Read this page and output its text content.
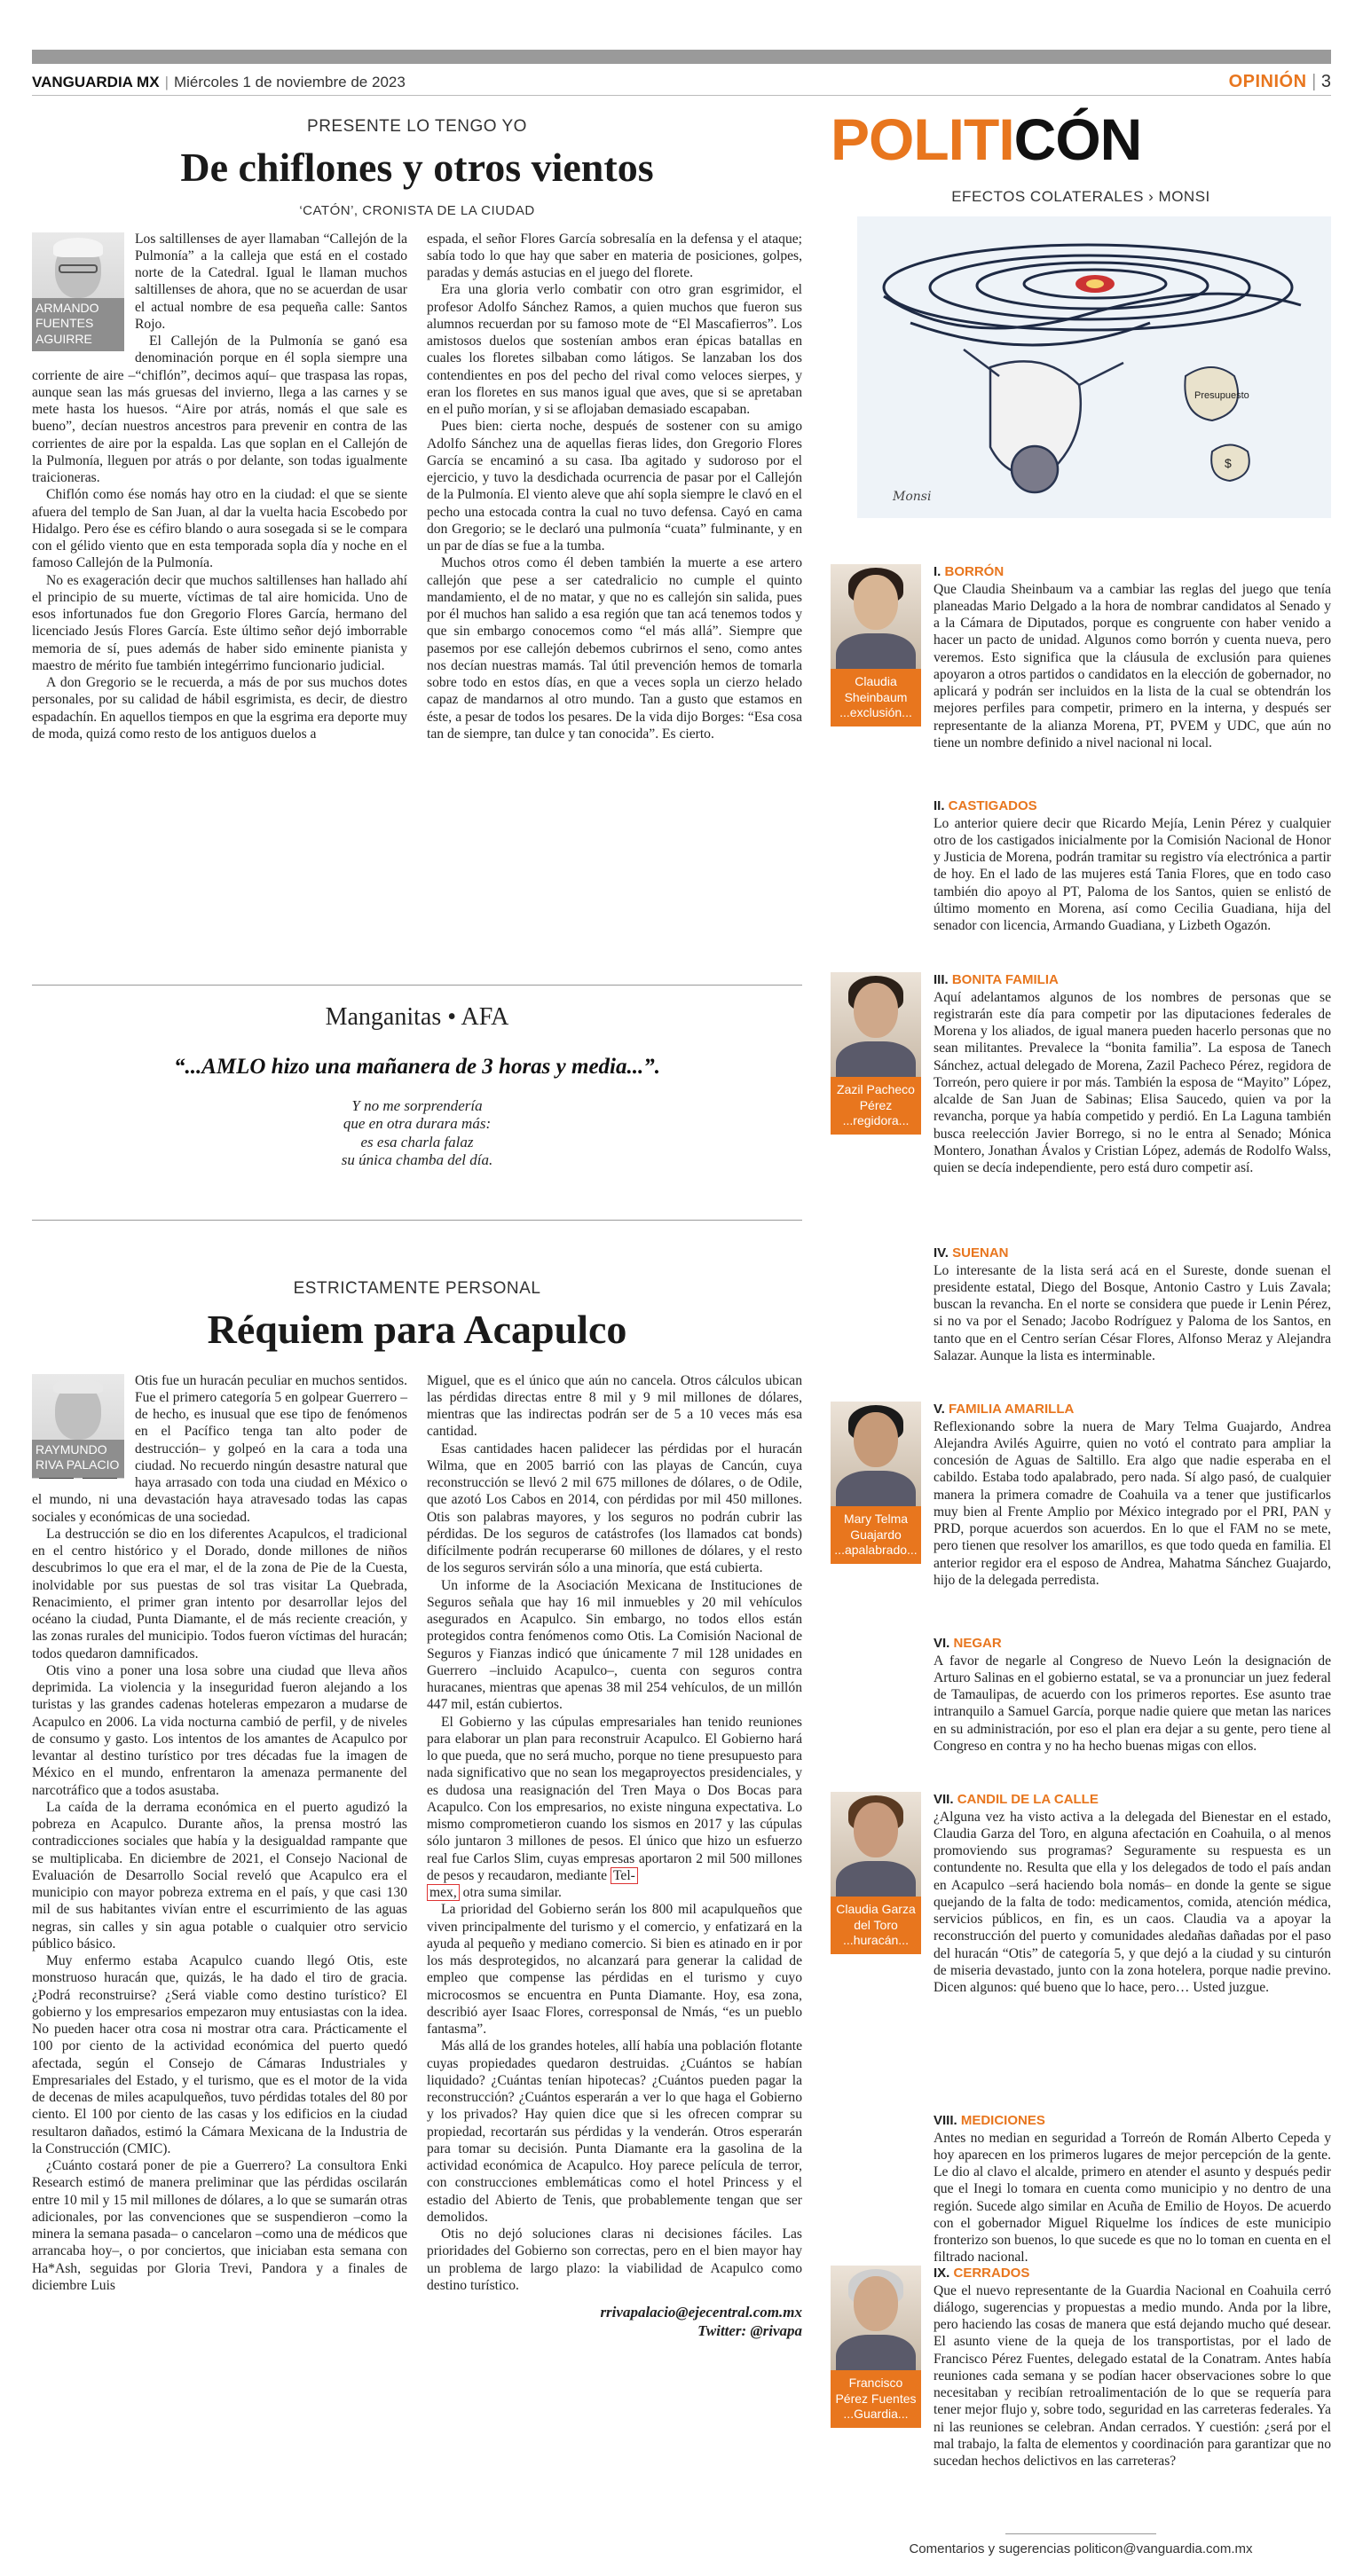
VANGUARDIA MX | Miércoles 1 de noviembre de 2023	OPINIÓN | 3
PRESENTE LO TENGO YO
De chiflones y otros vientos
‘CATÓN’, CRONISTA DE LA CIUDAD
ARMANDO FUENTES AGUIRRE

Los saltillenses de ayer llamaban “Callejón de la Pulmonía” a la calleja que está en el costado norte de la Catedral. Igual le llaman muchos saltillenses de ahora, que no se acuerdan de usar el actual nombre de esa pequeña calle: Santos Rojo.

El Callejón de la Pulmonía se ganó esa denominación porque en él sopla siempre una corriente de aire –“chiflón”, decimos aquí– que traspasa las ropas, aunque sean las más gruesas del invierno, llega a las carnes y se mete hasta los huesos. “Aire por atrás, nomás el que sale es bueno”, decían nuestros ancestros para prevenir en contra de las corrientes de aire por la espalda. Las que soplan en el Callejón de la Pulmonía, lleguen por atrás o por delante, son todas igualmente traicioneras.

Chiflón como ése nomás hay otro en la ciudad: el que se siente afuera del templo de San Juan, al dar la vuelta hacia Escobedo por Hidalgo. Pero ése es céfiro blando o aura sosegada si se le compara con el gélido viento que en esta temporada sopla día y noche en el famoso Callejón de la Pulmonía.

No es exageración decir que muchos saltillenses han hallado ahí el principio de su muerte, víctimas de tal aire homicida. Uno de esos infortunados fue don Gregorio Flores García, hermano del licenciado Jesús Flores García. Este último señor dejó imborrable memoria de sí, pues además de haber sido eminente pianista y maestro de mérito fue también integérrimo funcionario judicial.

A don Gregorio se le recuerda, a más de por sus muchos dotes personales, por su calidad de hábil esgrimista, es decir, de diestro espadachín. En aquellos tiempos en que la esgrima era deporte muy de moda, quizá como resto de los antiguos duelos a

espada, el señor Flores García sobresalía en la defensa y el ataque; sabía todo lo que hay que saber en materia de posiciones, golpes, paradas y demás astucias en el juego del florete.

Era una gloria verlo combatir con otro gran esgrimidor, el profesor Adolfo Sánchez Ramos, a quien muchos que fueron sus alumnos recuerdan por su famoso mote de “El Mascafierros”. Los amistosos duelos que sostenían ambos eran épicas batallas en cuales los floretes silbaban como látigos. Se lanzaban los dos contendientes en pos del pecho del rival como veloces sierpes, y eran los floretes en sus manos igual que aves, que si se apretaban en el puño morían, y si se aflojaban demasiado escapaban.

Pues bien: cierta noche, después de sostener con su amigo Adolfo Sánchez una de aquellas fieras lides, don Gregorio Flores García se encaminó a su casa. Iba agitado y sudoroso por el ejercicio, y tuvo la desdichada ocurrencia de pasar por el Callejón de la Pulmonía. El viento aleve que ahí sopla siempre le clavó en el pecho una estocada contra la cual no tuvo defensa. Cayó en cama don Gregorio; se le declaró una pulmonía “cuata” fulminante, y en un par de días se fue a la tumba.

Muchos otros como él deben también la muerte a ese artero callejón que pese a ser catedralicio no cumple el quinto mandamiento, el de no matar, y que no es callejón sin salida, pues por él muchos han salido a esa región que tan acá tenemos todos y que sin embargo conocemos como “el más allá”. Siempre que pasemos por ese callejón debemos cubrirnos el seno, como antes nos decían nuestras mamás. Tal útil prevención hemos de tomarla sobre todo en estos días, en que a veces sopla un cierzo helado capaz de mandarnos al otro mundo. Tan a gusto que estamos en éste, a pesar de todos los pesares. De la vida dijo Borges: “Esa cosa tan de siempre, tan dulce y tan conocida”. Es cierto.

Manganitas • AFA
“...AMLO hizo una mañanera de 3 horas y media...”.
Y no me sorprendería
que en otra durara más:
es esa charla falaz
su única chamba del día.
ESTRICTAMENTE PERSONAL
Réquiem para Acapulco
RAYMUNDO RIVA PALACIO

Otis fue un huracán peculiar en muchos sentidos. Fue el primero categoría 5 en golpear Guerrero –de hecho, es inusual que ese tipo de fenómenos en el Pacífico tenga tan alto poder de destrucción– y golpeó en la cara a toda una ciudad. No recuerdo ningún desastre natural que haya arrasado con toda una ciudad en México o el mundo, ni una devastación haya atravesado todas las capas sociales y económicas de una sociedad.

La destrucción se dio en los diferentes Acapulcos, el tradicional en el centro histórico y el Dorado, donde millones de niños descubrimos lo que era el mar, el de la zona de Pie de la Cuesta, inolvidable por sus puestas de sol tras visitar La Quebrada, Renacimiento, el primer gran intento por desarrollar lejos del océano la ciudad, Punta Diamante, el de más reciente creación, y las zonas rurales del municipio. Todos fueron víctimas del huracán; todos quedaron damnificados.

Otis vino a poner una losa sobre una ciudad que lleva años deprimida. La violencia y la inseguridad fueron alejando a los turistas y las grandes cadenas hoteleras empezaron a mudarse de Acapulco en 2006. La vida nocturna cambió de perfil, y de niveles de consumo y gasto. Los intentos de los amantes de Acapulco por levantar al destino turístico por tres décadas fue la imagen de México en el mundo, enfrentaron la amenaza permanente del narcotráfico que a todos asustaba.

La caída de la derrama económica en el puerto agudizó la pobreza en Acapulco. Durante años, la prensa mostró las contradicciones sociales que había y la desigualdad rampante que se multiplicaba. En diciembre de 2021, el Consejo Nacional de Evaluación de Desarrollo Social reveló que Acapulco era el municipio con mayor pobreza extrema en el país, y que casi 130 mil de sus habitantes vivían entre el escurrimiento de las aguas negras, sin calles y sin agua potable o cualquier otro servicio público básico.

Muy enfermo estaba Acapulco cuando llegó Otis, este monstruoso huracán que, quizás, le ha dado el tiro de gracia. ¿Podrá reconstruirse? ¿Será viable como destino turístico? El gobierno y los empresarios empezaron muy entusiastas con la idea. No pueden hacer otra cosa ni mostrar otra cara. Prácticamente el 100 por ciento de la actividad económica del puerto quedó afectada, según el Consejo de Cámaras Industriales y Empresariales del Estado, y el turismo, que es el motor de la vida de decenas de miles acapulqueños, tuvo pérdidas totales del 80 por ciento. El 100 por ciento de las casas y los edificios en la ciudad resultaron dañados, estimó la Cámara Mexicana de la Industria de la Construcción (CMIC).

¿Cuánto costará poner de pie a Guerrero? La consultora Enki Research estimó de manera preliminar que las pérdidas oscilarán entre 10 mil y 15 mil millones de dólares, a lo que se sumarán otras adicionales, por las convenciones que se suspendieron –como la minera la semana pasada– o cancelaron –como una de médicos que arrancaba hoy–, o por conciertos, que iniciaban esta semana con Ha*Ash, seguidas por Gloria Trevi, Pandora y a finales de diciembre Luis

Miguel, que es el único que aún no cancela. Otros cálculos ubican las pérdidas directas entre 8 mil y 9 mil millones de dólares, mientras que las indirectas podrán ser de 5 a 10 veces más esa cantidad.

Esas cantidades hacen palidecer las pérdidas por el huracán Wilma, que en 2005 barrió con las playas de Cancún, cuya reconstrucción se llevó 2 mil 675 millones de dólares, o de Odile, que azotó Los Cabos en 2014, con pérdidas por mil 450 millones. Otis son palabras mayores, y los seguros no podrán cubrir las pérdidas. De los seguros de catástrofes (los llamados cat bonds) difícilmente podrán recuperarse 60 millones de dólares, y el resto de los seguros servirán sólo a una minoría, que está cubierta.

Un informe de la Asociación Mexicana de Instituciones de Seguros señala que hay 16 mil inmuebles y 20 mil vehículos asegurados en Acapulco. Sin embargo, no todos ellos están protegidos contra fenómenos como Otis. La Comisión Nacional de Seguros y Fianzas indicó que únicamente 7 mil 128 unidades en Guerrero –incluido Acapulco–, cuenta con seguros contra huracanes, mientras que apenas 38 mil 254 vehículos, de un millón 447 mil, están cubiertos.

El Gobierno y las cúpulas empresariales han tenido reuniones para elaborar un plan para reconstruir Acapulco. El Gobierno hará lo que pueda, que no será mucho, porque no tiene presupuesto para nada significativo que no sean los megaproyectos presidenciales, y es dudosa una reasignación del Tren Maya o Dos Bocas para Acapulco. Con los empresarios, no existe ninguna expectativa. Lo mismo comprometieron cuando los sismos en 2017 y las cúpulas sólo juntaron 3 millones de pesos. El único que hizo un esfuerzo real fue Carlos Slim, cuyas empresas aportaron 2 mil 500 millones de pesos y recaudaron, mediante Tel-

mex, otra suma similar.

La prioridad del Gobierno serán los 800 mil acapulqueños que viven principalmente del turismo y el comercio, y enfatizará en la ayuda al pequeño y mediano comercio. Si bien es atinado en ir por los más desprotegidos, no alcanzará para generar la calidad de empleo que compense las pérdidas en el turismo y cuyo microcosmos se encuentra en Punta Diamante. Hoy, esa zona, describió ayer Isaac Flores, corresponsal de Nmás, “es un pueblo fantasma”.

Más allá de los grandes hoteles, allí había una población flotante cuyas propiedades quedaron destruidas. ¿Cuántos se habían liquidado? ¿Cuántas tenían hipotecas? ¿Cuántos pueden pagar la reconstrucción? ¿Cuántos esperarán a ver lo que haga el Gobierno y los privados? Hay quien dice que si les ofrecen comprar su propiedad, recortarán sus pérdidas y la venderán. Otros esperarán para tomar su decisión. Punta Diamante era la gasolina de la actividad económica de Acapulco. Hoy parece película de terror, con construcciones emblemáticas como el hotel Princess y el estadio del Abierto de Tenis, que probablemente tengan que ser demolidos.

Otis no dejó soluciones claras ni decisiones fáciles. Las prioridades del Gobierno son correctas, pero en el bien mayor hay un problema de largo plazo: la viabilidad de Acapulco como destino turístico.

rrivapalacio@ejecentral.com.mx
Twitter: @rivapa
POLITICÓN
EFECTOS COLATERALES › MONSI
Presupuesto
$
Monsi
Claudia Sheinbaum ...exclusión...
I. BORRÓN
Que Claudia Sheinbaum va a cambiar las reglas del juego que tenía planeadas Mario Delgado a la hora de nombrar candidatos al Senado y a la Cámara de Diputados, porque es congruente con haber venido a hacer un pacto de unidad. Algunos como borrón y cuenta nueva, pero veremos. Esto significa que la cláusula de exclusión para quienes apoyaron a otros partidos o candidatos en la elección de gobernador, no aplicará y podrán ser incluidos en la lista de la cual se obtendrán los mejores perfiles para competir, primero en la interna, y después ser representante de la alianza Morena, PT, PVEM y UDC, que aún no tiene un nombre definido a nivel nacional ni local.
II. CASTIGADOS
Lo anterior quiere decir que Ricardo Mejía, Lenin Pérez y cualquier otro de los castigados inicialmente por la Comisión Nacional de Honor y Justicia de Morena, podrán tramitar su registro vía electrónica a partir de hoy. En el lado de las mujeres está Tania Flores, que en todo caso también dio apoyo al PT, Paloma de los Santos, quien se enlistó de último momento en Morena, así como Cecilia Guadiana, hija del senador con licencia, Armando Guadiana, y Lizbeth Ogazón.
Zazil Pacheco Pérez ...regidora...
III. BONITA FAMILIA
Aquí adelantamos algunos de los nombres de personas que se registrarán este día para competir por las diputaciones federales de Morena y los aliados, de igual manera pueden hacerlo personas que no sean militantes. Prevalece la “bonita familia”. La esposa de Tanech Sánchez, actual delegado de Morena, Zazil Pacheco Pérez, regidora de Torreón, pero quiere ir por más. También la esposa de “Mayito” López, alcalde de San Juan de Sabinas; Elisa Saucedo, quien va por la revancha, porque ya había competido y perdió. En La Laguna también busca reelección Javier Borrego, si no le entra al Senado; Mónica Montero, Jonathan Ávalos y Cristian López, además de Rodolfo Walss, quien se decía independiente, pero está duro competir así.
IV. SUENAN
Lo interesante de la lista será acá en el Sureste, donde suenan el presidente estatal, Diego del Bosque, Antonio Castro y Luis Zavala; buscan la revancha. En el norte se considera que puede ir Lenin Pérez, si no va por el Senado; Jacobo Rodríguez y Paloma de los Santos, en tanto que en el Centro serían César Flores, Alfonso Meraz y Alejandra Salazar. Aunque la lista es interminable.
Mary Telma Guajardo ...apalabrado...
V. FAMILIA AMARILLA
Reflexionando sobre la nuera de Mary Telma Guajardo, Andrea Alejandra Avilés Aguirre, quien no votó el contrato para ampliar la concesión de Aguas de Saltillo. Era algo que nadie esperaba en el cabildo. Estaba todo apalabrado, pero nada. Sí algo pasó, de cualquier manera la primera comadre de Coahuila va a tener que justificarlos muy bien al Frente Amplio por México integrado por el PRI, PAN y PRD, porque acuerdos son acuerdos. En lo que el FAM no se mete, pero tienen que resolver los amarillos, es que todo queda en familia. El anterior regidor era el esposo de Andrea, Mahatma Sánchez Guajardo, hijo de la delegada perredista.
VI. NEGAR
A favor de negarle al Congreso de Nuevo León la designación de Arturo Salinas en el gobierno estatal, se va a pronunciar un juez federal de Tamaulipas, de acuerdo con los primeros reportes. Ese asunto trae intranquilo a Samuel García, porque nadie quiere que metan las narices en su administración, por eso el plan era dejar a su gente, pero tiene al Congreso en contra y no ha hecho buenas migas con ellos.
Claudia Garza del Toro ...huracán...
VII. CANDIL DE LA CALLE
¿Alguna vez ha visto activa a la delegada del Bienestar en el estado, Claudia Garza del Toro, en alguna afectación en Coahuila, o al menos promoviendo sus programas? Seguramente su respuesta es un contundente no. Resulta que ella y los delegados de todo el país andan en Acapulco –será haciendo bola nomás– en donde la gente se sigue quejando de la falta de todo: medicamentos, comida, atención médica, servicios públicos, en fin, es un caos. Claudia va a apoyar la reconstrucción del puerto y comunidades aledañas dañadas por el paso del huracán “Otis” de categoría 5, y que dejó a la ciudad y su cinturón de miseria devastado, junto con la zona hotelera, porque nadie previno. Dicen algunos: qué bueno que lo hace, pero… Usted juzgue.
VIII. MEDICIONES
Antes no median en seguridad a Torreón de Román Alberto Cepeda y hoy aparecen en los primeros lugares de mejor percepción de la gente. Le dio al clavo el alcalde, primero en atender el asunto y después pedir que el Inegi lo tomara en cuenta como municipio y no dentro de una región. Sucede algo similar en Acuña de Emilio de Hoyos. De acuerdo con el gobernador Miguel Riquelme los índices de este municipio fronterizo son buenos, lo que sucede es que no lo toman en cuenta en el filtrado nacional.
Francisco Pérez Fuentes ...Guardia...
IX. CERRADOS
Que el nuevo representante de la Guardia Nacional en Coahuila cerró diálogo, sugerencias y propuestas a medio mundo. Anda por la libre, pero haciendo las cosas de manera que está dejando mucho qué desear. El asunto viene de la queja de los transportistas, por el lado de Francisco Pérez Fuentes, delegado estatal de la Conatram. Antes había reuniones cada semana y se podían hacer observaciones sobre lo que necesitaban y recibían retroalimentación de lo que se requería para tener mejor flujo y, sobre todo, seguridad en las carreteras federales. Ya ni las reuniones se celebran. Andan cerrados. Y cuestión: ¿será por el mal trabajo, la falta de elementos y coordinación para garantizar que no sucedan hechos delictivos en las carreteras?
Comentarios y sugerencias politicon@vanguardia.com.mx
